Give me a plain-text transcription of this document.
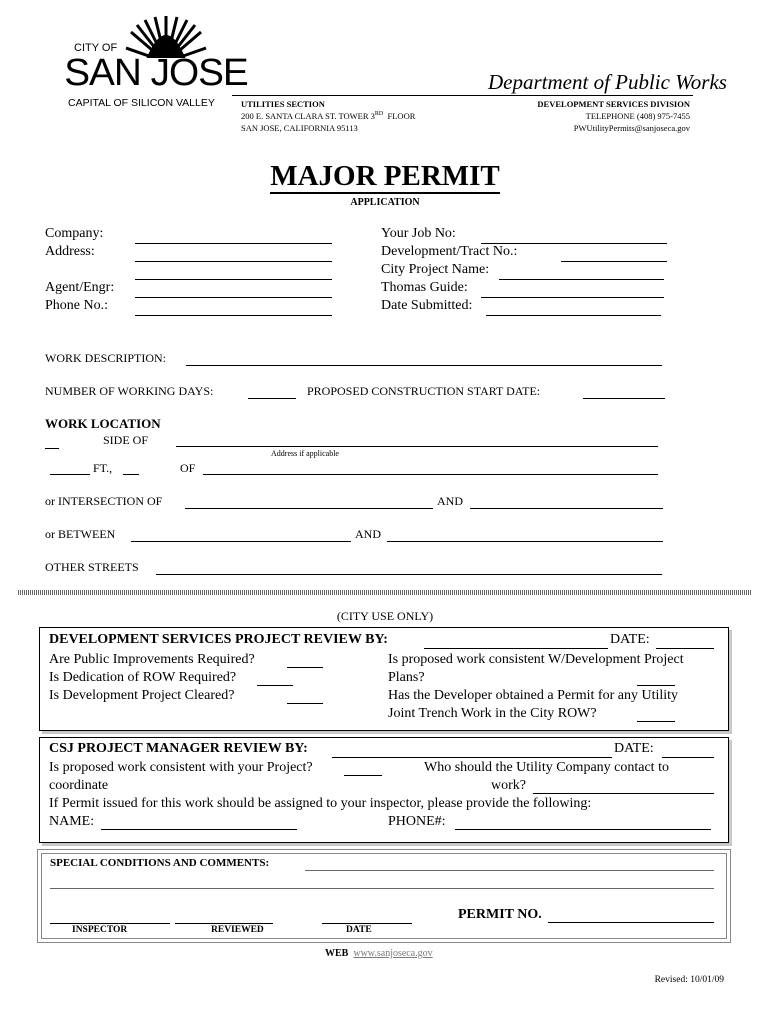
CITY OF
SAN JOSE
CAPITAL OF SILICON VALLEY
Department of Public Works
UTILITIES SECTION
200 E. SANTA CLARA ST. TOWER 3RD FLOOR
SAN JOSE, CALIFORNIA 95113
DEVELOPMENT SERVICES DIVISION
TELEPHONE (408) 975-7455
PWUtilityPermits@sanjoseca.gov
MAJOR PERMIT
APPLICATION
Company:
Address:
Agent/Engr:
Phone No.:
Your Job No:
Development/Tract No.:
City Project Name:
Thomas Guide:
Date Submitted:
WORK DESCRIPTION:
NUMBER OF WORKING DAYS:	PROPOSED CONSTRUCTION START DATE:
WORK LOCATION
SIDE OF
Address if applicable
FT.,	OF
or INTERSECTION OF	AND
or BETWEEN	AND
OTHER STREETS
(CITY USE ONLY)
DEVELOPMENT SERVICES PROJECT REVIEW BY:	DATE:
Are Public Improvements Required?
Is Dedication of ROW Required?
Is Development Project Cleared?
Is proposed work consistent W/Development Project
Plans?
Has the Developer obtained a Permit for any Utility
Joint Trench Work in the City ROW?
CSJ PROJECT MANAGER REVIEW BY:	DATE:
Is proposed work consistent with your Project?	Who should the Utility Company contact to
coordinate	work?
If Permit issued for this work should be assigned to your inspector, please provide the following:
NAME:	PHONE#:
SPECIAL CONDITIONS AND COMMENTS:
INSPECTOR	REVIEWED	DATE
PERMIT NO.
WEB www.sanjoseca.gov
Revised: 10/01/09
